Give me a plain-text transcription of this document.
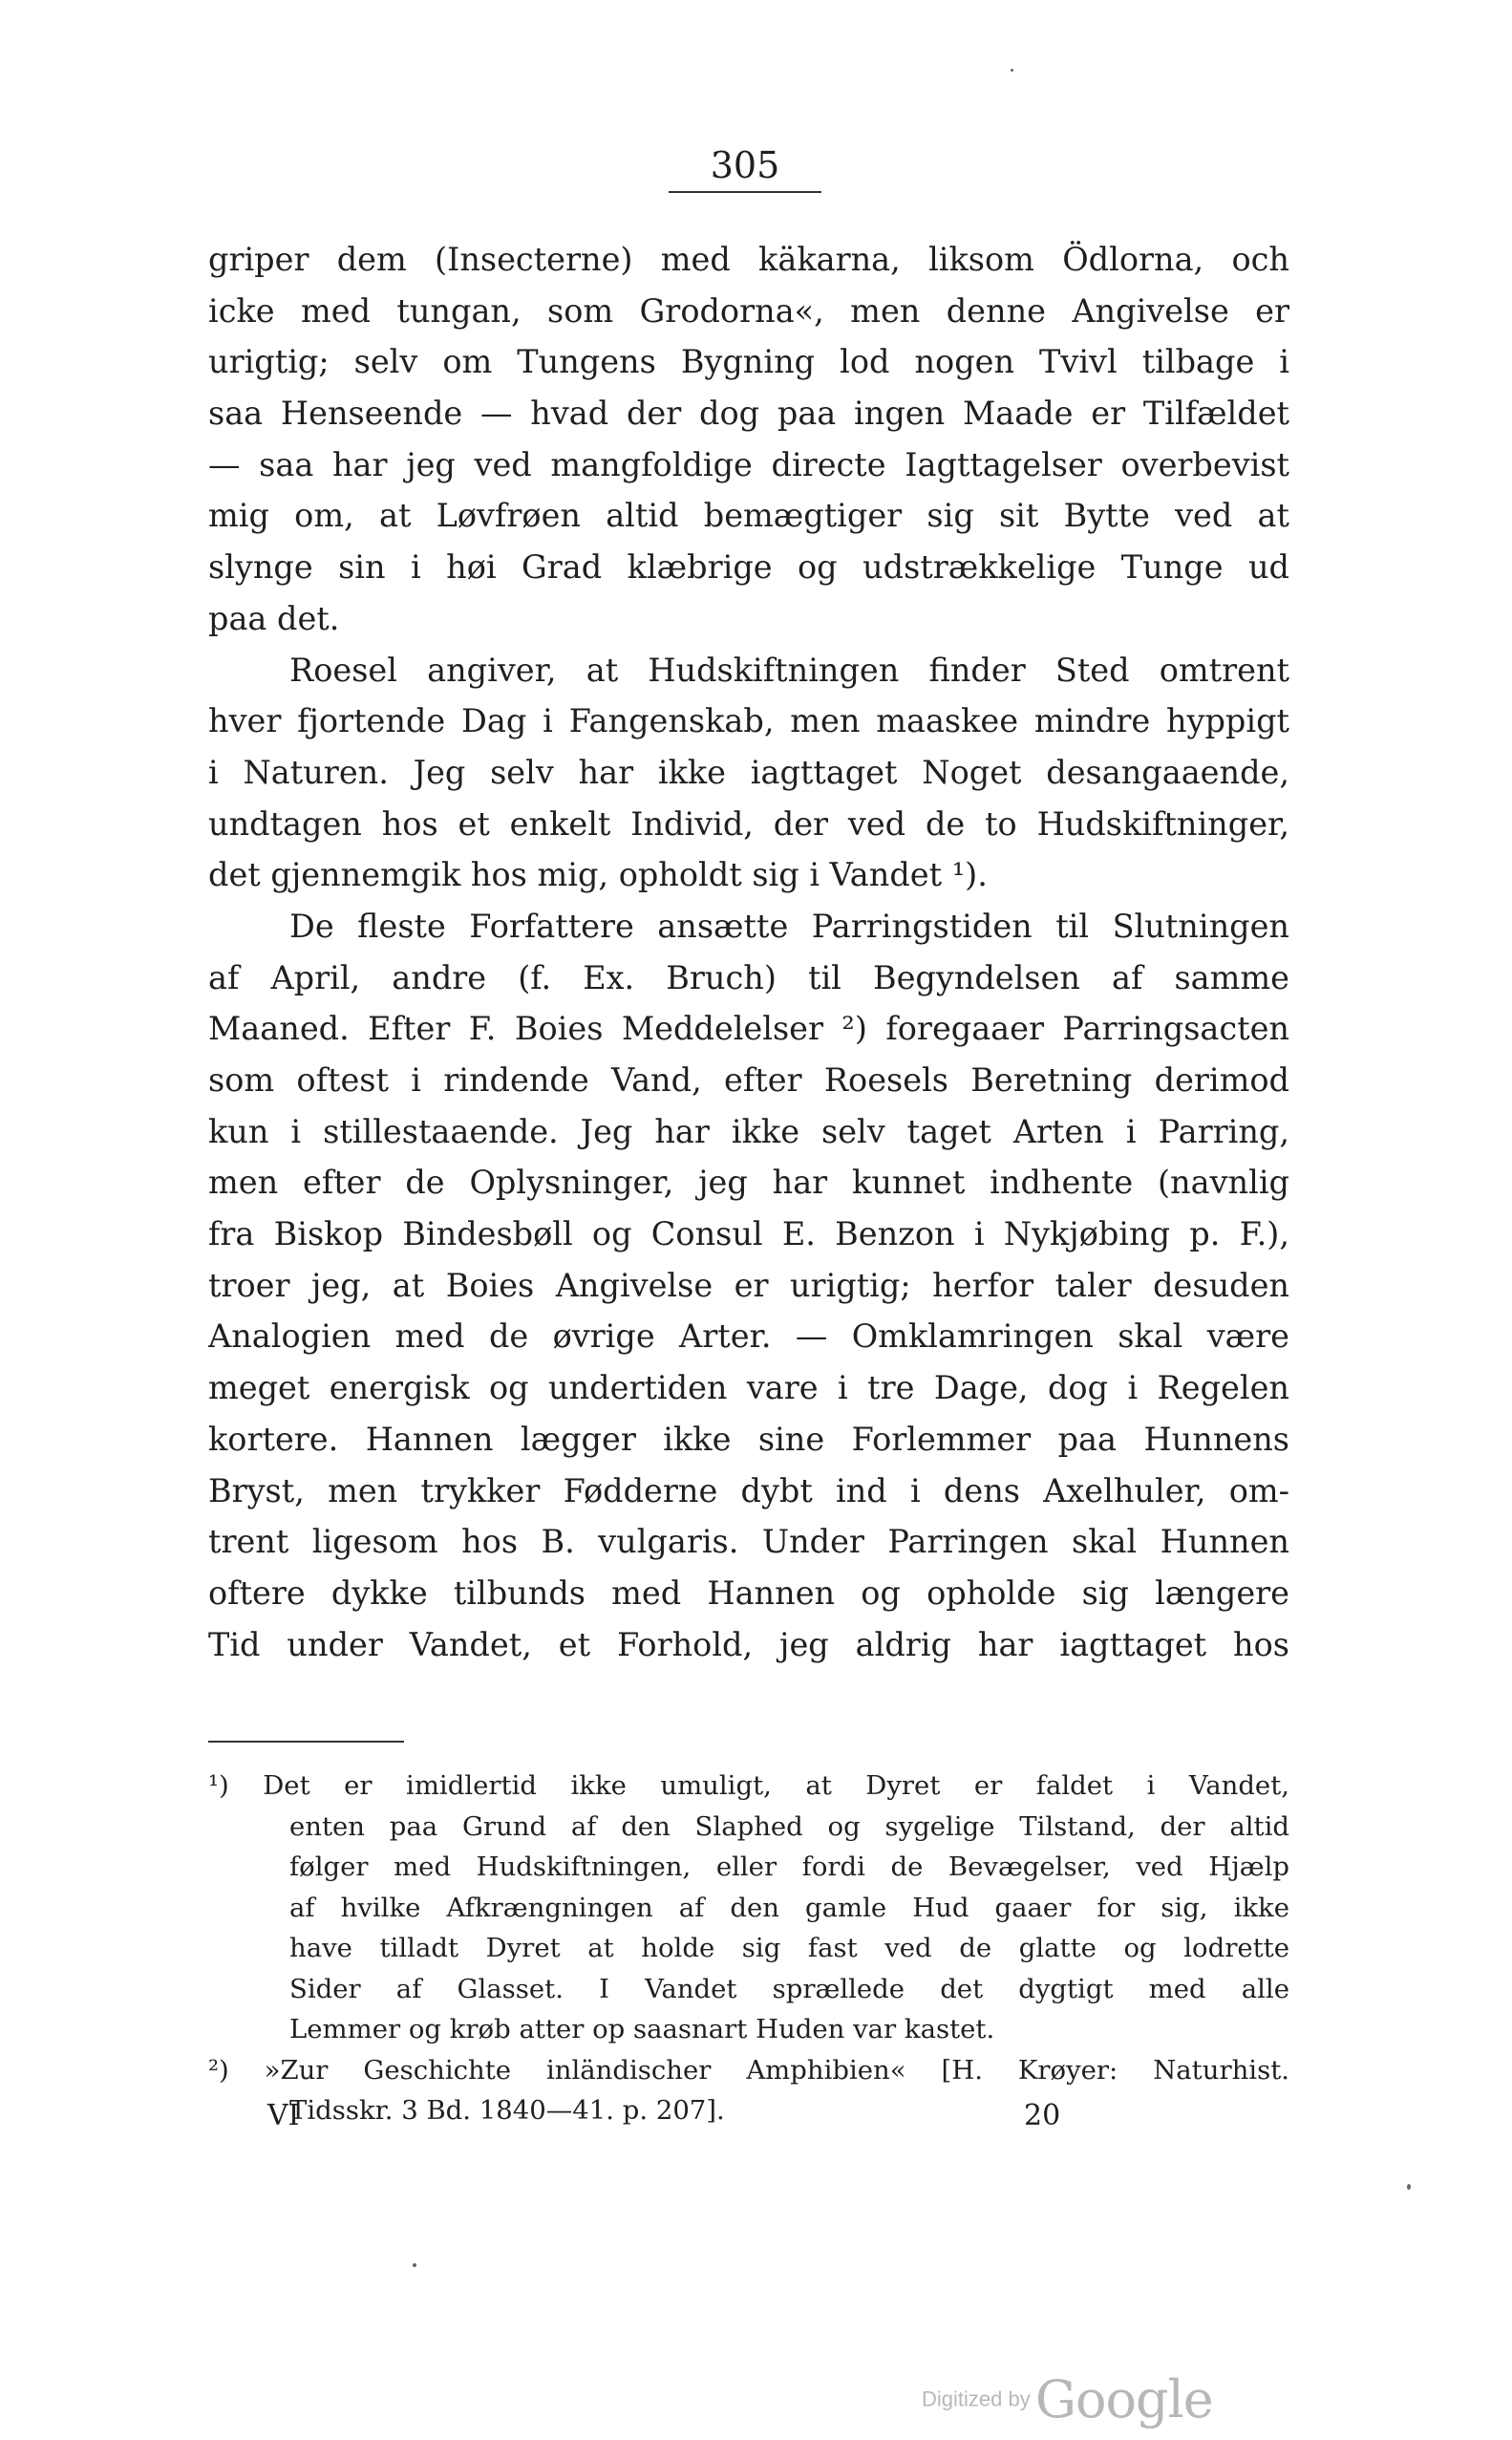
305
griper dem (Insecterne) med käkarna, liksom Ödlorna, och
icke med tungan, som Grodorna«, men denne Angivelse er
urigtig; selv om Tungens Bygning lod nogen Tvivl tilbage i
saa Henseende — hvad der dog paa ingen Maade er Tilfældet
— saa har jeg ved mangfoldige directe Iagttagelser overbevist
mig om, at Løvfrøen altid bemægtiger sig sit Bytte ved at
slynge sin i høi Grad klæbrige og udstrækkelige Tunge ud
paa det.
Roesel angiver, at Hudskiftningen finder Sted omtrent
hver fjortende Dag i Fangenskab, men maaskee mindre hyppigt
i Naturen. Jeg selv har ikke iagttaget Noget desangaaende,
undtagen hos et enkelt Individ, der ved de to Hudskiftninger,
det gjennemgik hos mig, opholdt sig i Vandet ¹).
De fleste Forfattere ansætte Parringstiden til Slutningen
af April, andre (f. Ex. Bruch) til Begyndelsen af samme
Maaned. Efter F. Boies Meddelelser ²) foregaaer Parringsacten
som oftest i rindende Vand, efter Roesels Beretning derimod
kun i stillestaaende. Jeg har ikke selv taget Arten i Parring,
men efter de Oplysninger, jeg har kunnet indhente (navnlig
fra Biskop Bindesbøll og Consul E. Benzon i Nykjøbing p. F.),
troer jeg, at Boies Angivelse er urigtig; herfor taler desuden
Analogien med de øvrige Arter. — Omklamringen skal være
meget energisk og undertiden vare i tre Dage, dog i Regelen
kortere. Hannen lægger ikke sine Forlemmer paa Hunnens
Bryst, men trykker Fødderne dybt ind i dens Axelhuler, om-
trent ligesom hos B. vulgaris. Under Parringen skal Hunnen
oftere dykke tilbunds med Hannen og opholde sig længere
Tid under Vandet, et Forhold, jeg aldrig har iagttaget hos
¹) Det er imidlertid ikke umuligt, at Dyret er faldet i Vandet,
enten paa Grund af den Slaphed og sygelige Tilstand, der altid
følger med Hudskiftningen, eller fordi de Bevægelser, ved Hjælp
af hvilke Afkrængningen af den gamle Hud gaaer for sig, ikke
have tilladt Dyret at holde sig fast ved de glatte og lodrette
Sider af Glasset. I Vandet sprællede det dygtigt med alle
Lemmer og krøb atter op saasnart Huden var kastet.
²) »Zur Geschichte inländischer Amphibien« [H. Krøyer: Naturhist.
Tidsskr. 3 Bd. 1840—41. p. 207].
VI	20
Digitized by Google
